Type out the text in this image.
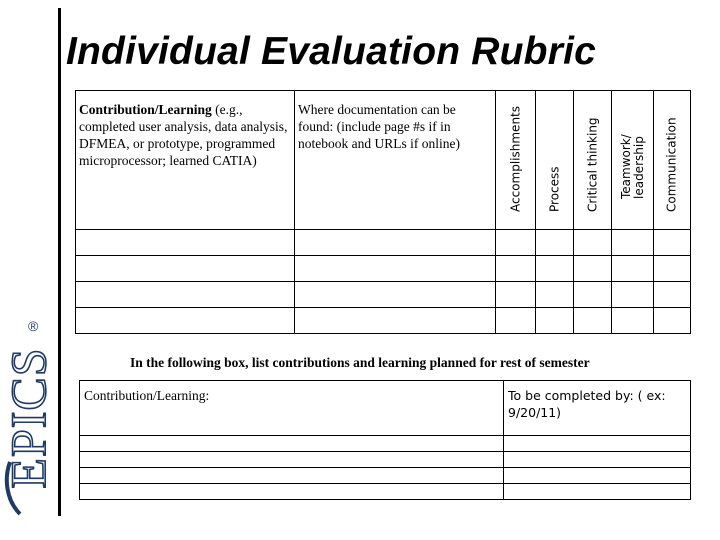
®
EPICS
Individual Evaluation Rubric
Contribution/Learning (e.g., completed user analysis, data analysis, DFMEA, or prototype, programmed microprocessor; learned CATIA)	Where documentation can be found: (include page #s if in notebook and URLs if online)	Accomplishments	Process	Critical thinking	Teamwork/ leadership	Communication

In the following box, list contributions and learning planned for rest of semester
Contribution/Learning:	To be completed by: ( ex: 9/20/11)
